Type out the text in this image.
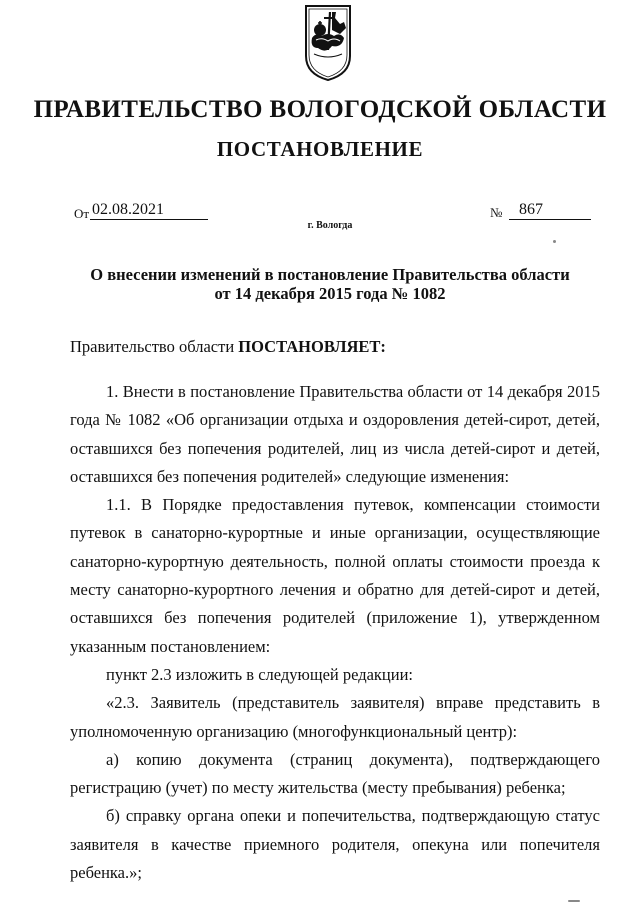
ПРАВИТЕЛЬСТВО ВОЛОГОДСКОЙ ОБЛАСТИ
ПОСТАНОВЛЕНИЕ
От 02.08.2021	№	867
г. Вологда
О внесении изменений в постановление Правительства области
от 14 декабря 2015 года № 1082
Правительство области ПОСТАНОВЛЯЕТ:

1. Внести в постановление Правительства области от 14 декабря 2015 года № 1082 «Об организации отдыха и оздоровления детей-сирот, детей, оставшихся без попечения родителей, лиц из числа детей-сирот и детей, оставшихся без попечения родителей» следующие изменения:

1.1. В Порядке предоставления путевок, компенсации стоимости путевок в санаторно-курортные и иные организации, осуществляющие санаторно-курортную деятельность, полной оплаты стоимости проезда к месту санаторно-курортного лечения и обратно для детей-сирот и детей, оставшихся без попечения родителей (приложение 1), утвержденном указанным постановлением:

пункт 2.3 изложить в следующей редакции:

«2.3. Заявитель (представитель заявителя) вправе представить в уполномоченную организацию (многофункциональный центр):

а) копию документа (страниц документа), подтверждающего регистрацию (учет) по месту жительства (месту пребывания) ребенка;

б) справку органа опеки и попечительства, подтверждающую статус заявителя в качестве приемного родителя, опекуна или попечителя ребенка.»;
